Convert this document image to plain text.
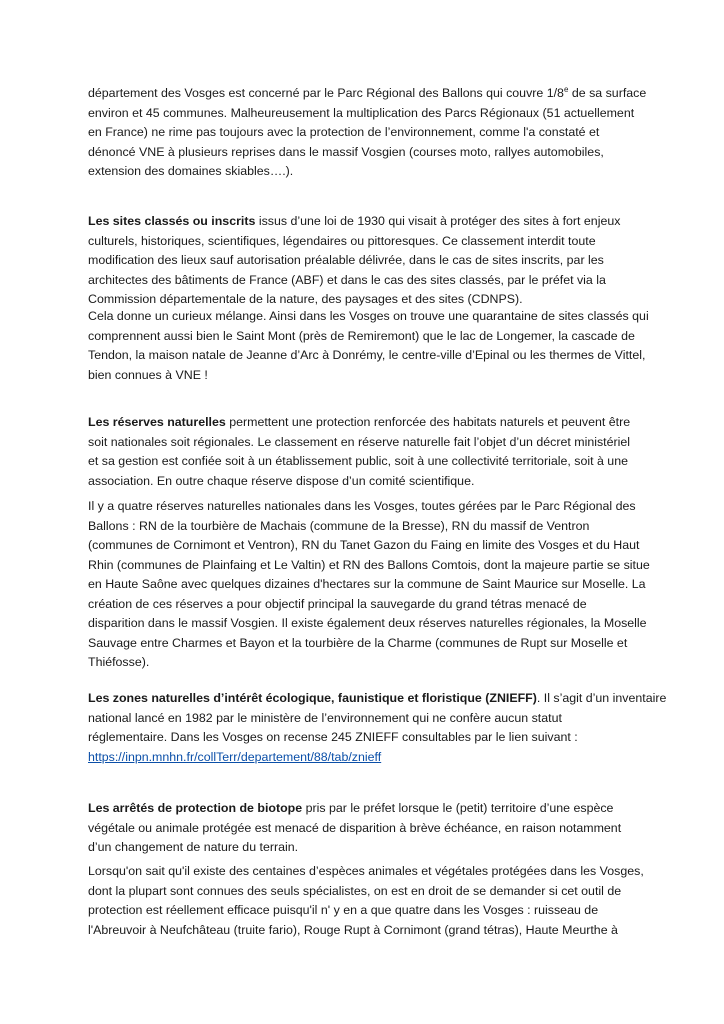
département des Vosges est concerné par le Parc Régional des Ballons qui couvre 1/8e de sa surface
environ et 45 communes. Malheureusement la multiplication des Parcs Régionaux (51 actuellement
en France) ne rime pas toujours avec la protection de l’environnement, comme l'a constaté et
dénoncé VNE à plusieurs reprises dans le massif Vosgien (courses moto, rallyes automobiles,
extension des domaines skiables….).

Les sites classés ou inscrits issus d’une loi de 1930 qui visait à protéger des sites à fort enjeux
culturels, historiques, scientifiques, légendaires ou pittoresques. Ce classement interdit toute
modification des lieux sauf autorisation préalable délivrée, dans le cas de sites inscrits, par les
architectes des bâtiments de France (ABF) et dans le cas des sites classés, par le préfet via la
Commission départementale de la nature, des paysages et des sites (CDNPS).

Cela donne un curieux mélange. Ainsi dans les Vosges on trouve une quarantaine de sites classés qui
comprennent aussi bien le Saint Mont (près de Remiremont) que le lac de Longemer, la cascade de
Tendon, la maison natale de Jeanne d’Arc à Donrémy, le centre-ville d’Epinal ou les thermes de Vittel,
bien connues à VNE !

Les réserves naturelles permettent une protection renforcée des habitats naturels et peuvent être
soit nationales soit régionales. Le classement en réserve naturelle fait l’objet d’un décret ministériel
et sa gestion est confiée soit à un établissement public, soit à une collectivité territoriale, soit à une
association. En outre chaque réserve dispose d’un comité scientifique.

Il y a quatre réserves naturelles nationales dans les Vosges, toutes gérées par le Parc Régional des
Ballons : RN de la tourbière de Machais (commune de la Bresse), RN du massif de Ventron
(communes de Cornimont et Ventron), RN du Tanet Gazon du Faing en limite des Vosges et du Haut
Rhin (communes de Plainfaing et Le Valtin) et RN des Ballons Comtois, dont la majeure partie se situe
en Haute Saône avec quelques dizaines d'hectares sur la commune de Saint Maurice sur Moselle. La
création de ces réserves a pour objectif principal la sauvegarde du grand tétras menacé de
disparition dans le massif Vosgien. Il existe également deux réserves naturelles régionales, la Moselle
Sauvage entre Charmes et Bayon et la tourbière de la Charme (communes de Rupt sur Moselle et
Thiéfosse).

Les zones naturelles d’intérêt écologique, faunistique et floristique (ZNIEFF). Il s’agit d’un inventaire
national lancé en 1982 par le ministère de l’environnement qui ne confère aucun statut
réglementaire. Dans les Vosges on recense 245 ZNIEFF consultables par le lien suivant :
https://inpn.mnhn.fr/collTerr/departement/88/tab/znieff

Les arrêtés de protection de biotope pris par le préfet lorsque le (petit) territoire d’une espèce
végétale ou animale protégée est menacé de disparition à brève échéance, en raison notamment
d’un changement de nature du terrain.

Lorsqu'on sait qu'il existe des centaines d’espèces animales et végétales protégées dans les Vosges,
dont la plupart sont connues des seuls spécialistes, on est en droit de se demander si cet outil de
protection est réellement efficace puisqu'il n' y en a que quatre dans les Vosges : ruisseau de
l'Abreuvoir à Neufchâteau (truite fario), Rouge Rupt à Cornimont (grand tétras), Haute Meurthe à
